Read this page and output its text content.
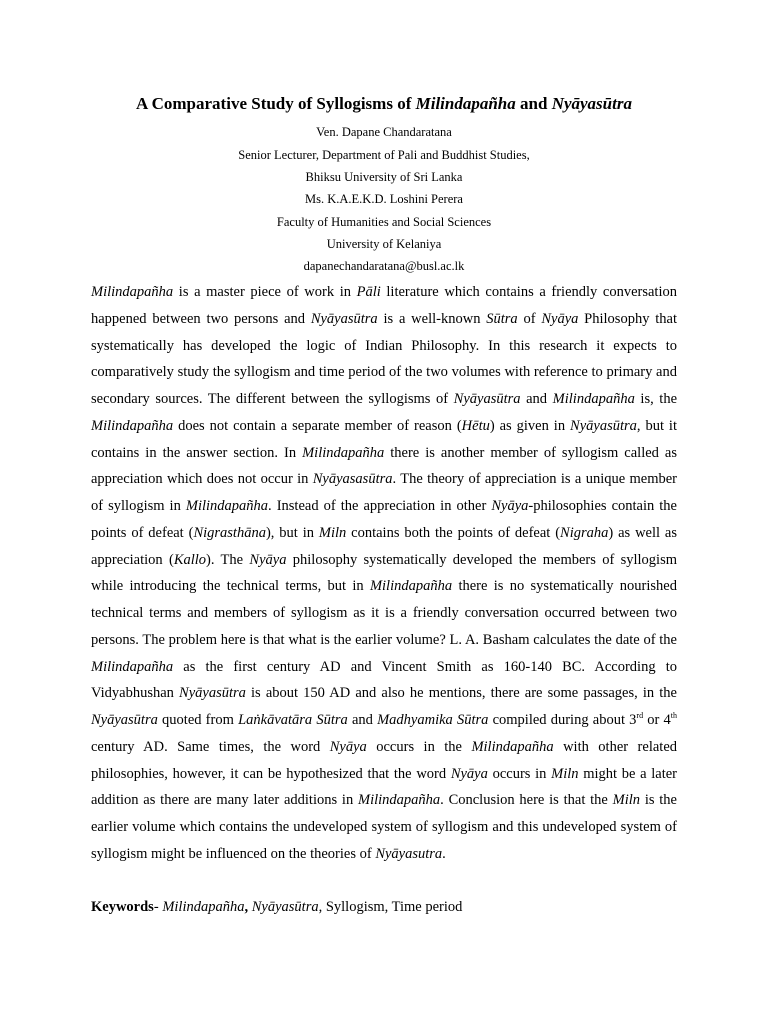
A Comparative Study of Syllogisms of Milindapañha and Nyāyasūtra
Ven. Dapane Chandaratana
Senior Lecturer, Department of Pali and Buddhist Studies,
Bhiksu University of Sri Lanka
Ms. K.A.E.K.D. Loshini Perera
Faculty of Humanities and Social Sciences
University of Kelaniya
dapanechandaratana@busl.ac.lk

Milindapañha is a master piece of work in Pāli literature which contains a friendly conversation happened between two persons and Nyāyasūtra is a well-known Sūtra of Nyāya Philosophy that systematically has developed the logic of Indian Philosophy. In this research it expects to comparatively study the syllogism and time period of the two volumes with reference to primary and secondary sources. The different between the syllogisms of Nyāyasūtra and Milindapañha is, the Milindapañha does not contain a separate member of reason (Hētu) as given in Nyāyasūtra, but it contains in the answer section. In Milindapañha there is another member of syllogism called as appreciation which does not occur in Nyāyasasūtra. The theory of appreciation is a unique member of syllogism in Milindapañha. Instead of the appreciation in other Nyāya-philosophies contain the points of defeat (Nigrasthāna), but in Miln contains both the points of defeat (Nigraha) as well as appreciation (Kallo). The Nyāya philosophy systematically developed the members of syllogism while introducing the technical terms, but in Milindapañha there is no systematically nourished technical terms and members of syllogism as it is a friendly conversation occurred between two persons. The problem here is that what is the earlier volume? L. A. Basham calculates the date of the Milindapañha as the first century AD and Vincent Smith as 160-140 BC. According to Vidyabhushan Nyāyasūtra is about 150 AD and also he mentions, there are some passages, in the Nyāyasūtra quoted from Laṅkāvatāra Sūtra and Madhyamika Sūtra compiled during about 3rd or 4th century AD. Same times, the word Nyāya occurs in the Milindapañha with other related philosophies, however, it can be hypothesized that the word Nyāya occurs in Miln might be a later addition as there are many later additions in Milindapañha. Conclusion here is that the Miln is the earlier volume which contains the undeveloped system of syllogism and this undeveloped system of syllogism might be influenced on the theories of Nyāyasutra.

Keywords- Milindapañha, Nyāyasūtra, Syllogism, Time period
